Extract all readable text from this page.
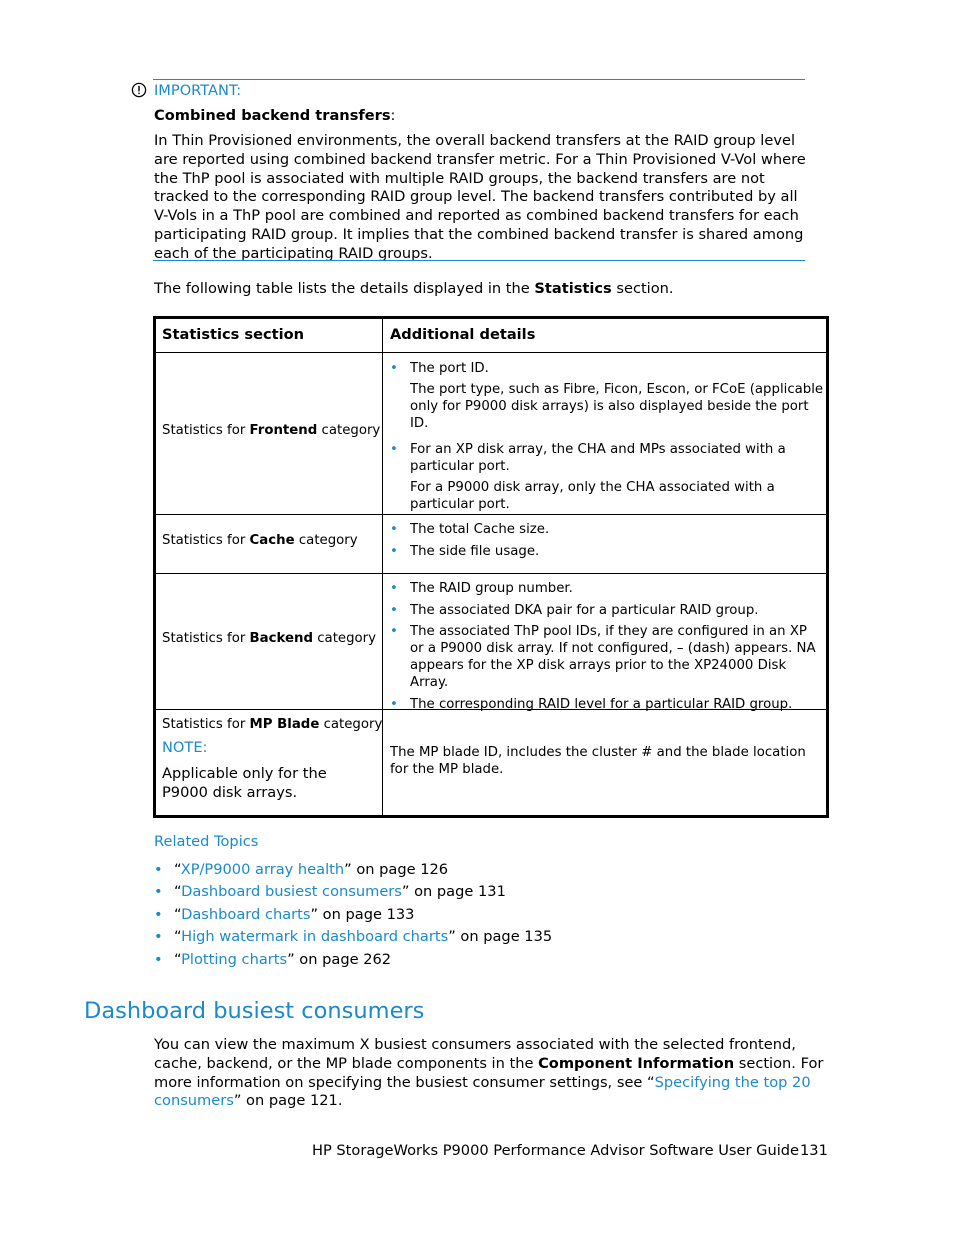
IMPORTANT:
Combined backend transfers:
In Thin Provisioned environments, the overall backend transfers at the RAID group level are reported using combined backend transfer metric. For a Thin Provisioned V-Vol where the ThP pool is associated with multiple RAID groups, the backend transfers are not tracked to the corresponding RAID group level. The backend transfers contributed by all V-Vols in a ThP pool are combined and reported as combined backend transfers for each participating RAID group. It implies that the combined backend transfer is shared among each of the participating RAID groups.
The following table lists the details displayed in the Statistics section.
Statistics section	Additional details
Statistics for Frontend category
• The port ID.
The port type, such as Fibre, Ficon, Escon, or FCoE (applicable only for P9000 disk arrays) is also displayed beside the port ID.
• For an XP disk array, the CHA and MPs associated with a particular port.
For a P9000 disk array, only the CHA associated with a particular port.
Statistics for Cache category
• The total Cache size.
• The side file usage.
Statistics for Backend category
• The RAID group number.
• The associated DKA pair for a particular RAID group.
• The associated ThP pool IDs, if they are configured in an XP or a P9000 disk array. If not configured, – (dash) appears. NA appears for the XP disk arrays prior to the XP24000 Disk Array.
• The corresponding RAID level for a particular RAID group.
Statistics for MP Blade category
NOTE:
Applicable only for the P9000 disk arrays.
The MP blade ID, includes the cluster # and the blade location for the MP blade.
Related Topics
• “XP/P9000 array health” on page 126
• “Dashboard busiest consumers” on page 131
• “Dashboard charts” on page 133
• “High watermark in dashboard charts” on page 135
• “Plotting charts” on page 262
Dashboard busiest consumers
You can view the maximum X busiest consumers associated with the selected frontend, cache, backend, or the MP blade components in the Component Information section. For more information on specifying the busiest consumer settings, see “Specifying the top 20 consumers” on page 121.
HP StorageWorks P9000 Performance Advisor Software User Guide 131
